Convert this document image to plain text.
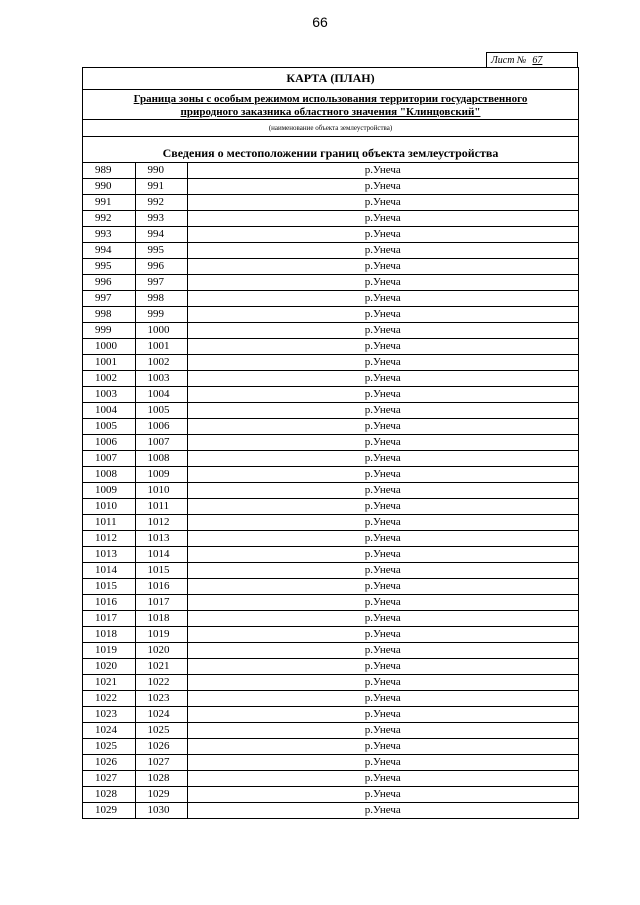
66
Лист № 67
КАРТА (ПЛАН)
Граница зоны с особым режимом использования территории государственного
природного заказника областного значения "Клинцовский"
(наименование объекта землеустройства)
Сведения о местоположении границ объекта землеустройства
989	990	р.Унеча
990	991	р.Унеча
991	992	р.Унеча
992	993	р.Унеча
993	994	р.Унеча
994	995	р.Унеча
995	996	р.Унеча
996	997	р.Унеча
997	998	р.Унеча
998	999	р.Унеча
999	1000	р.Унеча
1000	1001	р.Унеча
1001	1002	р.Унеча
1002	1003	р.Унеча
1003	1004	р.Унеча
1004	1005	р.Унеча
1005	1006	р.Унеча
1006	1007	р.Унеча
1007	1008	р.Унеча
1008	1009	р.Унеча
1009	1010	р.Унеча
1010	1011	р.Унеча
1011	1012	р.Унеча
1012	1013	р.Унеча
1013	1014	р.Унеча
1014	1015	р.Унеча
1015	1016	р.Унеча
1016	1017	р.Унеча
1017	1018	р.Унеча
1018	1019	р.Унеча
1019	1020	р.Унеча
1020	1021	р.Унеча
1021	1022	р.Унеча
1022	1023	р.Унеча
1023	1024	р.Унеча
1024	1025	р.Унеча
1025	1026	р.Унеча
1026	1027	р.Унеча
1027	1028	р.Унеча
1028	1029	р.Унеча
1029	1030	р.Унеча
